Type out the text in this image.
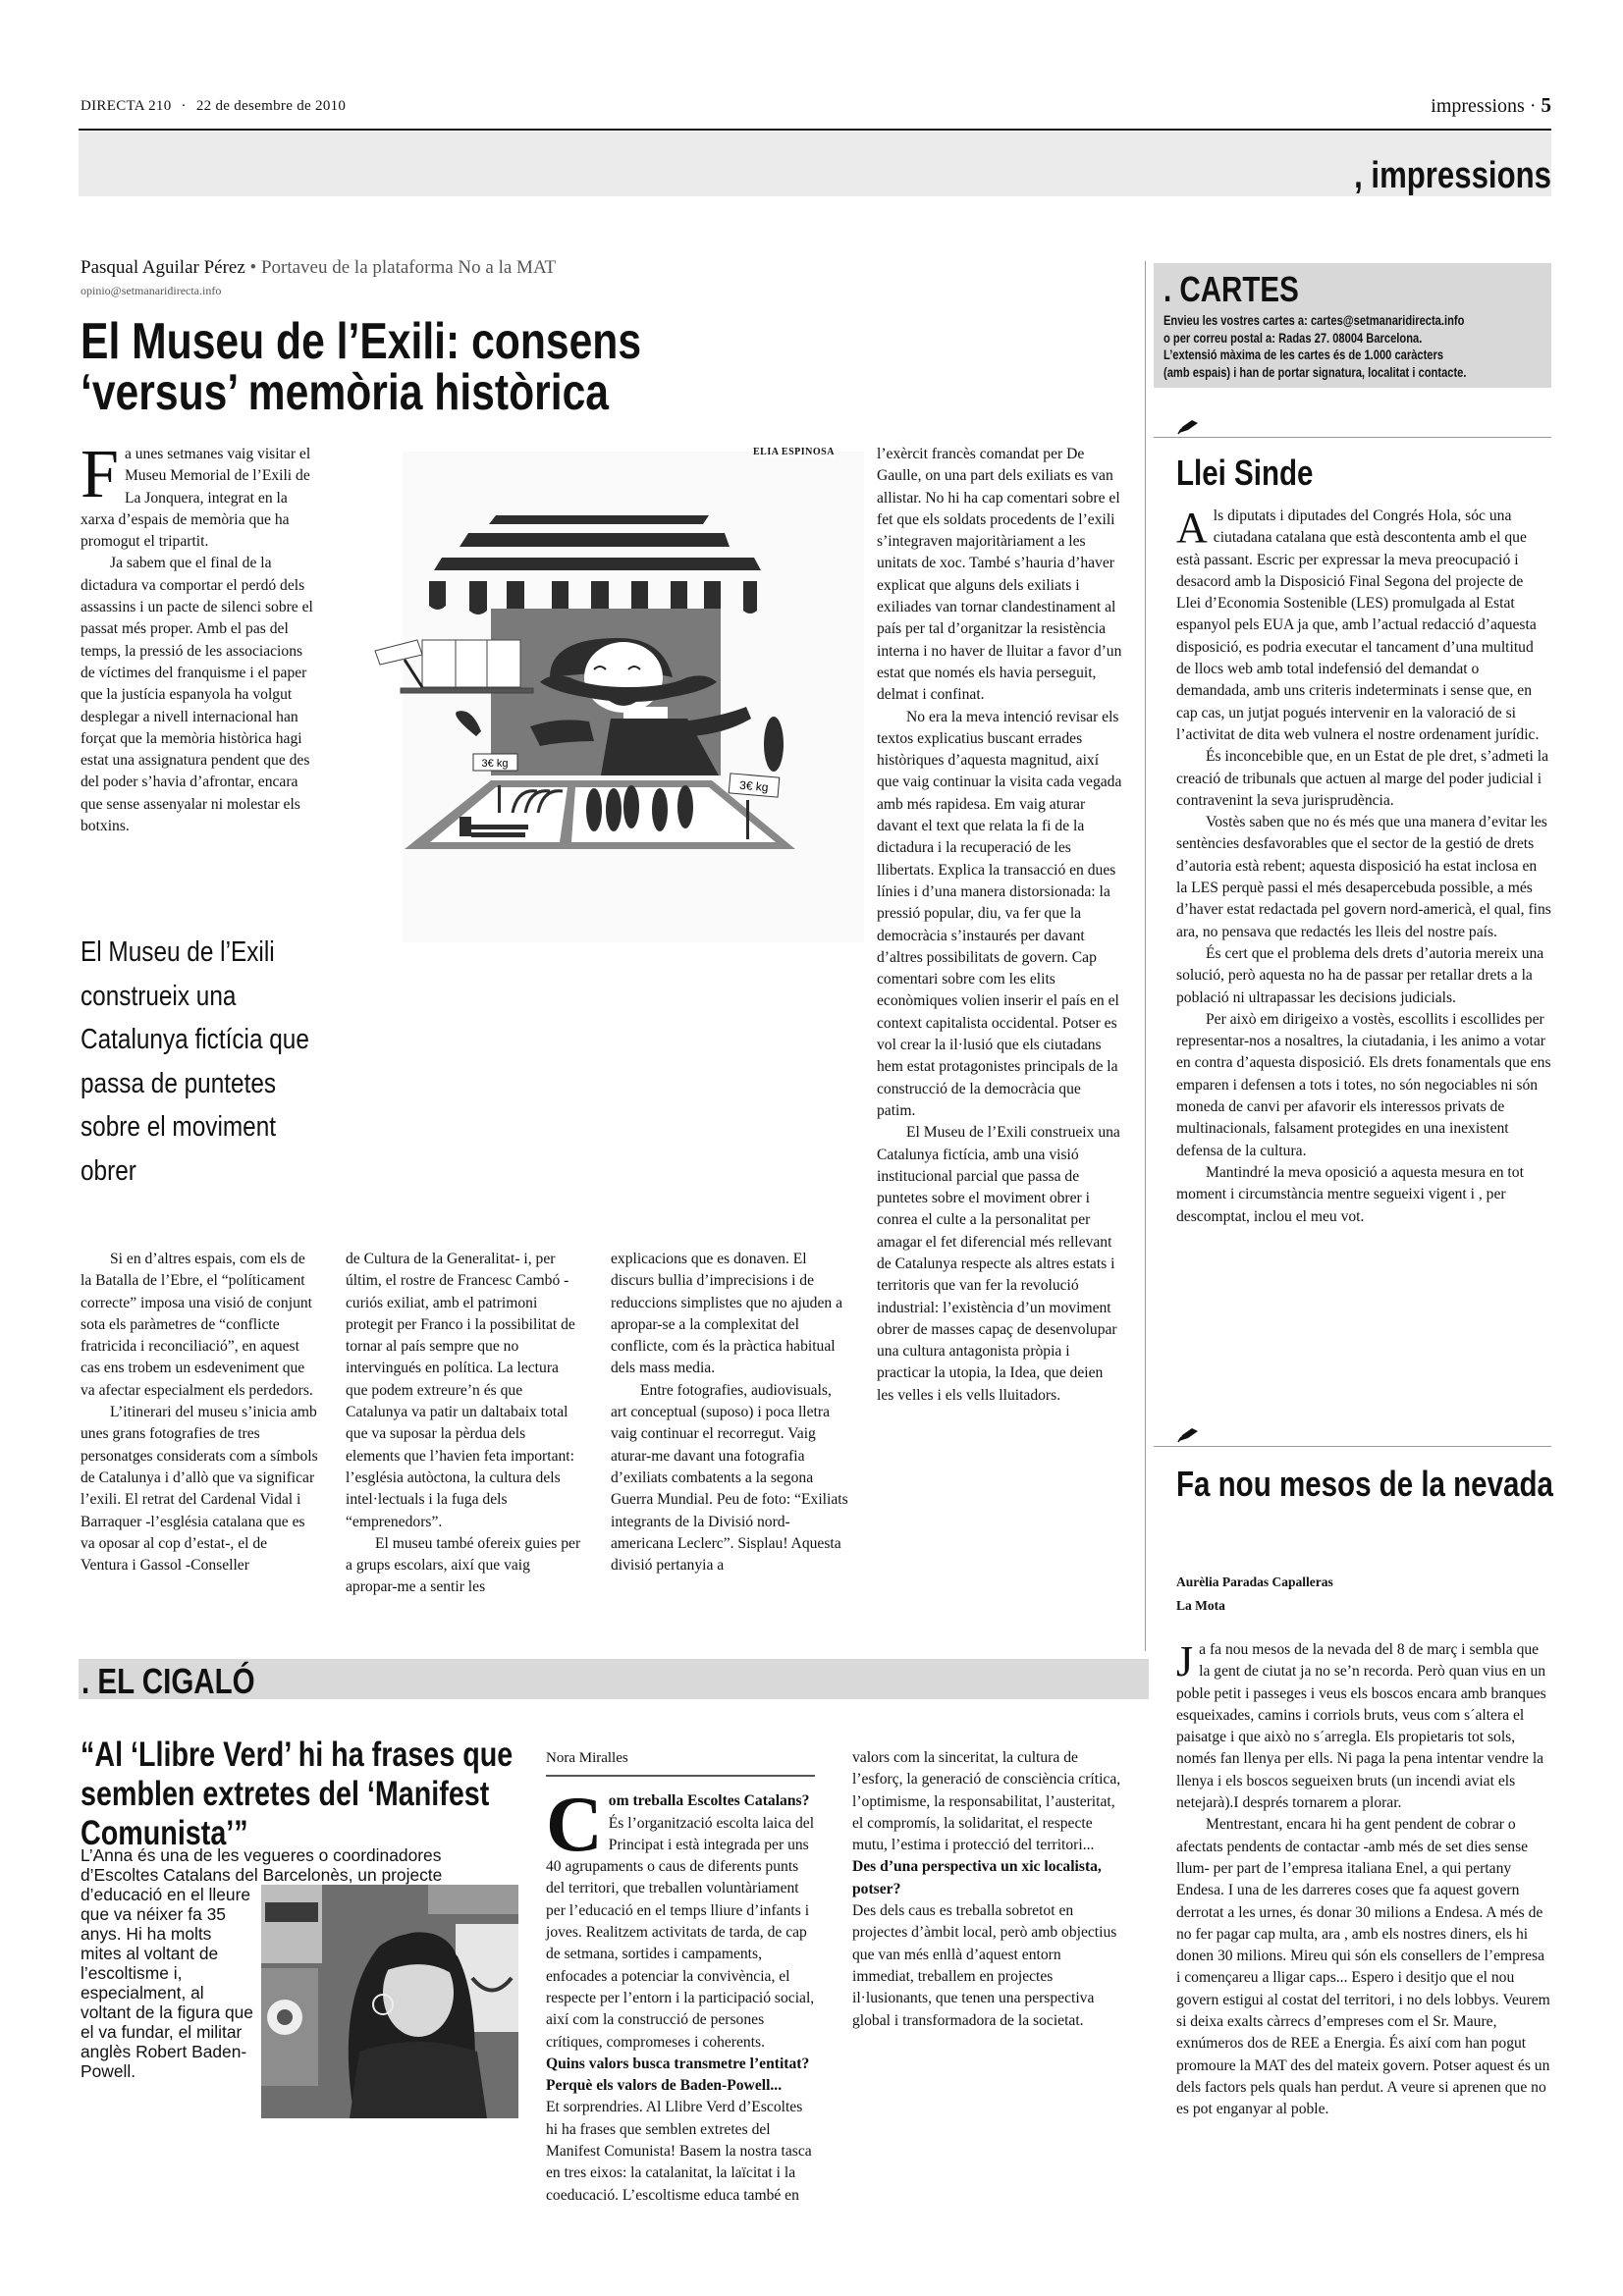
DIRECTA 210 · 22 de desembre de 2010	impressions · 5
, impressions
Pasqual Aguilar Pérez • Portaveu de la plataforma No a la MAT
opinio@setmanaridirecta.info
El Museu de l’Exili: consens
‘versus’ memòria històrica
F a unes setmanes vaig visitar el Museu Memorial de l’Exili de La Jonquera, integrat en la xarxa d’espais de memòria que ha promogut el tripartit.

Ja sabem que el final de la dictadura va comportar el perdó dels assassins i un pacte de silenci sobre el passat més proper. Amb el pas del temps, la pressió de les associacions de víctimes del franquisme i el paper que la justícia espanyola ha volgut desplegar a nivell internacional han forçat que la memòria històrica hagi estat una assignatura pendent que des del poder s’havia d’afrontar, encara que sense assenyalar ni molestar els botxins.

El Museu de l’Exili construeix una Catalunya fictícia que passa de puntetes sobre el moviment obrer

Si en d’altres espais, com els de la Batalla de l’Ebre, el “políticament correcte” imposa una visió de conjunt sota els paràmetres de “conflicte fratricida i reconciliació”, en aquest cas ens trobem un esdeveniment que va afectar especialment els perdedors.

L’itinerari del museu s’inicia amb unes grans fotografies de tres personatges considerats com a símbols de Catalunya i d’allò que va significar l’exili. El retrat del Cardenal Vidal i Barraquer -l’església catalana que es va oposar al cop d’estat-, el de Ventura i Gassol -Conseller

de Cultura de la Generalitat- i, per últim, el rostre de Francesc Cambó -curiós exiliat, amb el patrimoni protegit per Franco i la possibilitat de tornar al país sempre que no intervingués en política. La lectura que podem extreure’n és que Catalunya va patir un daltabaix total que va suposar la pèrdua dels elements que l’havien feta important: l’església autòctona, la cultura dels intel·lectuals i la fuga dels “emprenedors”.

El museu també ofereix guies per a grups escolars, així que vaig apropar-me a sentir les

explicacions que es donaven. El discurs bullia d’imprecisions i de reduccions simplistes que no ajuden a apropar-se a la complexitat del conflicte, com és la pràctica habitual dels mass media.

Entre fotografies, audiovisuals, art conceptual (suposo) i poca lletra vaig continuar el recorregut. Vaig aturar-me davant una fotografia d’exiliats combatents a la segona Guerra Mundial. Peu de foto: “Exiliats integrants de la Divisió nord-americana Leclerc”. Sisplau! Aquesta divisió pertanyia a

l’exèrcit francès comandat per De Gaulle, on una part dels exiliats es van allistar. No hi ha cap comentari sobre el fet que els soldats procedents de l’exili s’integraven majoritàriament a les unitats de xoc. També s’hauria d’haver explicat que alguns dels exiliats i exiliades van tornar clandestinament al país per tal d’organitzar la resistència interna i no haver de lluitar a favor d’un estat que només els havia perseguit, delmat i confinat.

No era la meva intenció revisar els textos explicatius buscant errades històriques d’aquesta magnitud, així que vaig continuar la visita cada vegada amb més rapidesa. Em vaig aturar davant el text que relata la fi de la dictadura i la recuperació de les llibertats. Explica la transacció en dues línies i d’una manera distorsionada: la pressió popular, diu, va fer que la democràcia s’instaurés per davant d’altres possibilitats de govern. Cap comentari sobre com les elits econòmiques volien inserir el país en el context capitalista occidental. Potser es vol crear la il·lusió que els ciutadans hem estat protagonistes principals de la construcció de la democràcia que patim.

El Museu de l’Exili construeix una Catalunya fictícia, amb una visió institucional parcial que passa de puntetes sobre el moviment obrer i conrea el culte a la personalitat per amagar el fet diferencial més rellevant de Catalunya respecte als altres estats i territoris que van fer la revolució industrial: l’existència d’un moviment obrer de masses capaç de desenvolupar una cultura antagonista pròpia i practicar la utopia, la Idea, que deien les velles i els vells lluitadors.

3€ kg
3€ kg
ELIA ESPINOSA
. CARTES
Envieu les vostres cartes a: cartes@setmanaridirecta.info
o per correu postal a: Radas 27. 08004 Barcelona.
L’extensió màxima de les cartes és de 1.000 caràcters
(amb espais) i han de portar signatura, localitat i contacte.
Llei Sinde
A ls diputats i diputades del Congrés Hola, sóc una ciutadana catalana que està descontenta amb el que està passant. Escric per expressar la meva preocupació i desacord amb la Disposició Final Segona del projecte de Llei d’Economia Sostenible (LES) promulgada al Estat espanyol pels EUA ja que, amb l’actual redacció d’aquesta disposició, es podria executar el tancament d’una multitud de llocs web amb total indefensió del demandat o demandada, amb uns criteris indeterminats i sense que, en cap cas, un jutjat pogués intervenir en la valoració de si l’activitat de dita web vulnera el nostre ordenament jurídic.

És inconcebible que, en un Estat de ple dret, s’admeti la creació de tribunals que actuen al marge del poder judicial i contravenint la seva jurisprudència.

Vostès saben que no és més que una manera d’evitar les sentències desfavorables que el sector de la gestió de drets d’autoria està rebent; aquesta disposició ha estat inclosa en la LES perquè passi el més desapercebuda possible, a més d’haver estat redactada pel govern nord-americà, el qual, fins ara, no pensava que redactés les lleis del nostre país.

És cert que el problema dels drets d’autoria mereix una solució, però aquesta no ha de passar per retallar drets a la població ni ultrapassar les decisions judicials.

Per això em dirigeixo a vostès, escollits i escollides per representar-nos a nosaltres, la ciutadania, i les animo a votar en contra d’aquesta disposició. Els drets fonamentals que ens emparen i defensen a tots i totes, no són negociables ni són moneda de canvi per afavorir els interessos privats de multinacionals, falsament protegides en una inexistent defensa de la cultura.

Mantindré la meva oposició a aquesta mesura en tot moment i circumstància mentre segueixi vigent i , per descomptat, inclou el meu vot.

Fa nou mesos de la nevada
Aurèlia Paradas Capalleras
La Mota
J a fa nou mesos de la nevada del 8 de març i sembla que la gent de ciutat ja no se’n recorda. Però quan vius en un poble petit i passeges i veus els boscos encara amb branques esqueixades, camins i corriols bruts, veus com s´altera el paisatge i que això no s´arregla. Els propietaris tot sols, només fan llenya per ells. Ni paga la pena intentar vendre la llenya i els boscos segueixen bruts (un incendi aviat els netejarà).I després tornarem a plorar.

Mentrestant, encara hi ha gent pendent de cobrar o afectats pendents de contactar -amb més de set dies sense llum- per part de l’empresa italiana Enel, a qui pertany Endesa. I una de les darreres coses que fa aquest govern derrotat a les urnes, és donar 30 milions a Endesa. A més de no fer pagar cap multa, ara , amb els nostres diners, els hi donen 30 milions. Mireu qui són els consellers de l’empresa i començareu a lligar caps... Espero i desitjo que el nou govern estigui al costat del territori, i no dels lobbys. Veurem si deixa exalts càrrecs d’empreses com el Sr. Maure, exnúmeros dos de REE a Energia. És així com han pogut promoure la MAT des del mateix govern. Potser aquest és un dels factors pels quals han perdut. A veure si aprenen que no es pot enganyar al poble.

. EL CIGALÓ
“Al ‘Llibre Verd’ hi ha frases que semblen extretes del ‘Manifest Comunista’”
L’Anna és una de les vegueres o coordinadores d’Escoltes Catalans del Barcelonès, un projecte d’educació en el lleure que va néixer fa 35 anys. Hi ha molts mites al voltant de l’escoltisme i, especialment, al voltant de la figura que el va fundar, el militar anglès Robert Baden-Powell.
Nora Miralles
C om treballa Escoltes Catalans?

És l’organització escolta laica del Principat i està integrada per uns 40 agrupaments o caus de diferents punts del territori, que treballen voluntàriament per l’educació en el temps lliure d’infants i joves. Realitzem activitats de tarda, de cap de setmana, sortides i campaments, enfocades a potenciar la convivència, el respecte per l’entorn i la participació social, així com la construcció de persones crítiques, compromeses i coherents.

Quins valors busca transmetre l’entitat? Perquè els valors de Baden-Powell...

Et sorprendries. Al Llibre Verd d’Escoltes hi ha frases que semblen extretes del Manifest Comunista! Basem la nostra tasca en tres eixos: la catalanitat, la laïcitat i la coeducació. L’escoltisme educa també en valors com la sinceritat, la cultura de l’esforç, la generació de consciència crítica, l’optimisme, la responsabilitat, l’austeritat, el compromís, la solidaritat, el respecte mutu, l’estima i protecció del territori...

Des d’una perspectiva un xic localista, potser?

Des dels caus es treballa sobretot en projectes d’àmbit local, però amb objectius que van més enllà d’aquest entorn immediat, treballem en projectes il·lusionants, que tenen una perspectiva global i transformadora de la societat.
